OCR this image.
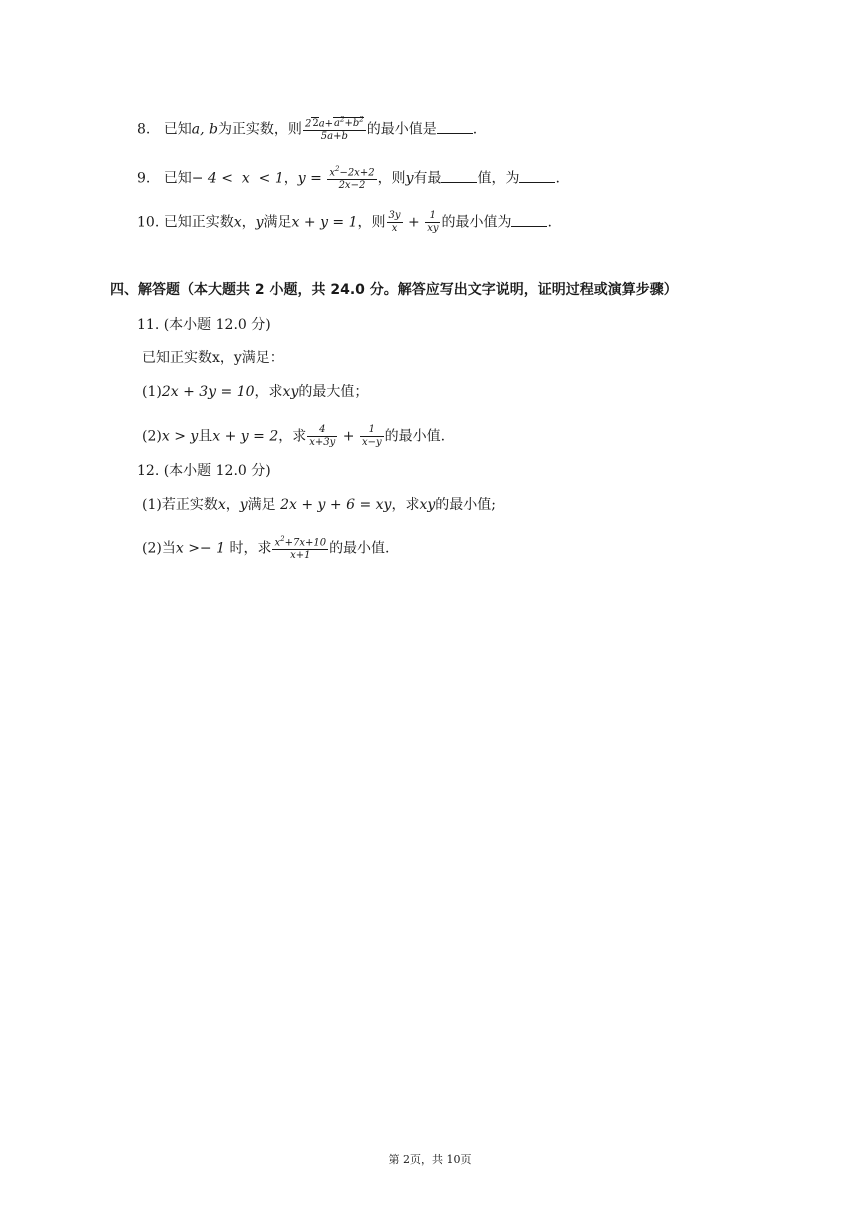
8. 已知a, b为正实数，则 $\frac{22a+a^2+b^2}{5a+b}$ 的最小值是	.
9. 已知− 4 <  x  < 1，$y = \frac{x^2-2x+2}{2x-2}$ ，则y有最	值，为	.
10. 已知正实数x，y满足x + y = 1，则 $\frac{3y}{x} + \frac{1}{xy}$ 的最小值为	.
四、解答题（本大题共 2 小题，共 24.0 分。解答应写出文字说明，证明过程或演算步骤）
11. (本小题 12.0 分)
已知正实数x，y满足：
(1)2x + 3y = 10，求xy的最大值；
(2)x > y且x + y = 2，求 $\frac{4}{x+3y} + \frac{1}{x-y}$ 的最小值.
12. (本小题 12.0 分)
(1)若正实数x，y满足 2x + y + 6 = xy，求xy的最小值;
(2)当x >− 1 时，求 $\frac{x^2+7x+10}{x+1}$ 的最小值.
第 2页，共 10页
